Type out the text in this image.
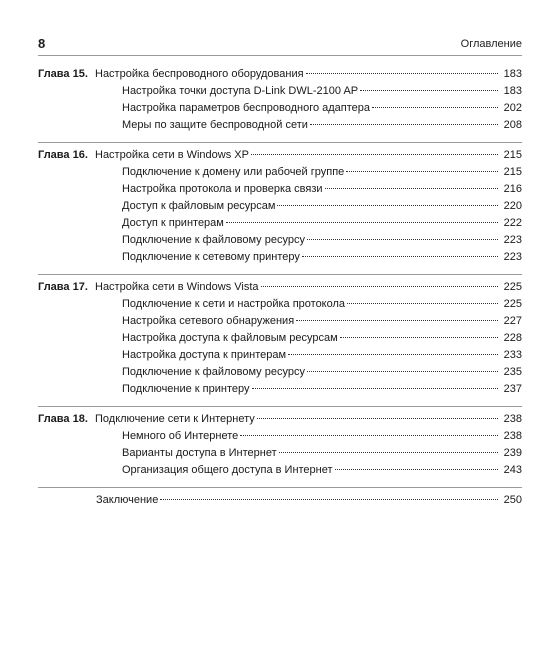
8	Оглавление
Глава 15. Настройка беспроводного оборудования	183
Настройка точки доступа D-Link DWL-2100 AP	183
Настройка параметров беспроводного адаптера	202
Меры по защите беспроводной сети	208
Глава 16. Настройка сети в Windows XP	215
Подключение к домену или рабочей группе	215
Настройка протокола и проверка связи	216
Доступ к файловым ресурсам	220
Доступ к принтерам	222
Подключение к файловому ресурсу	223
Подключение к сетевому принтеру	223
Глава 17. Настройка сети в Windows Vista	225
Подключение к сети и настройка протокола	225
Настройка сетевого обнаружения	227
Настройка доступа к файловым ресурсам	228
Настройка доступа к принтерам	233
Подключение к файловому ресурсу	235
Подключение к принтеру	237
Глава 18. Подключение сети к Интернету	238
Немного об Интернете	238
Варианты доступа в Интернет	239
Организация общего доступа в Интернет	243
Заключение	250
